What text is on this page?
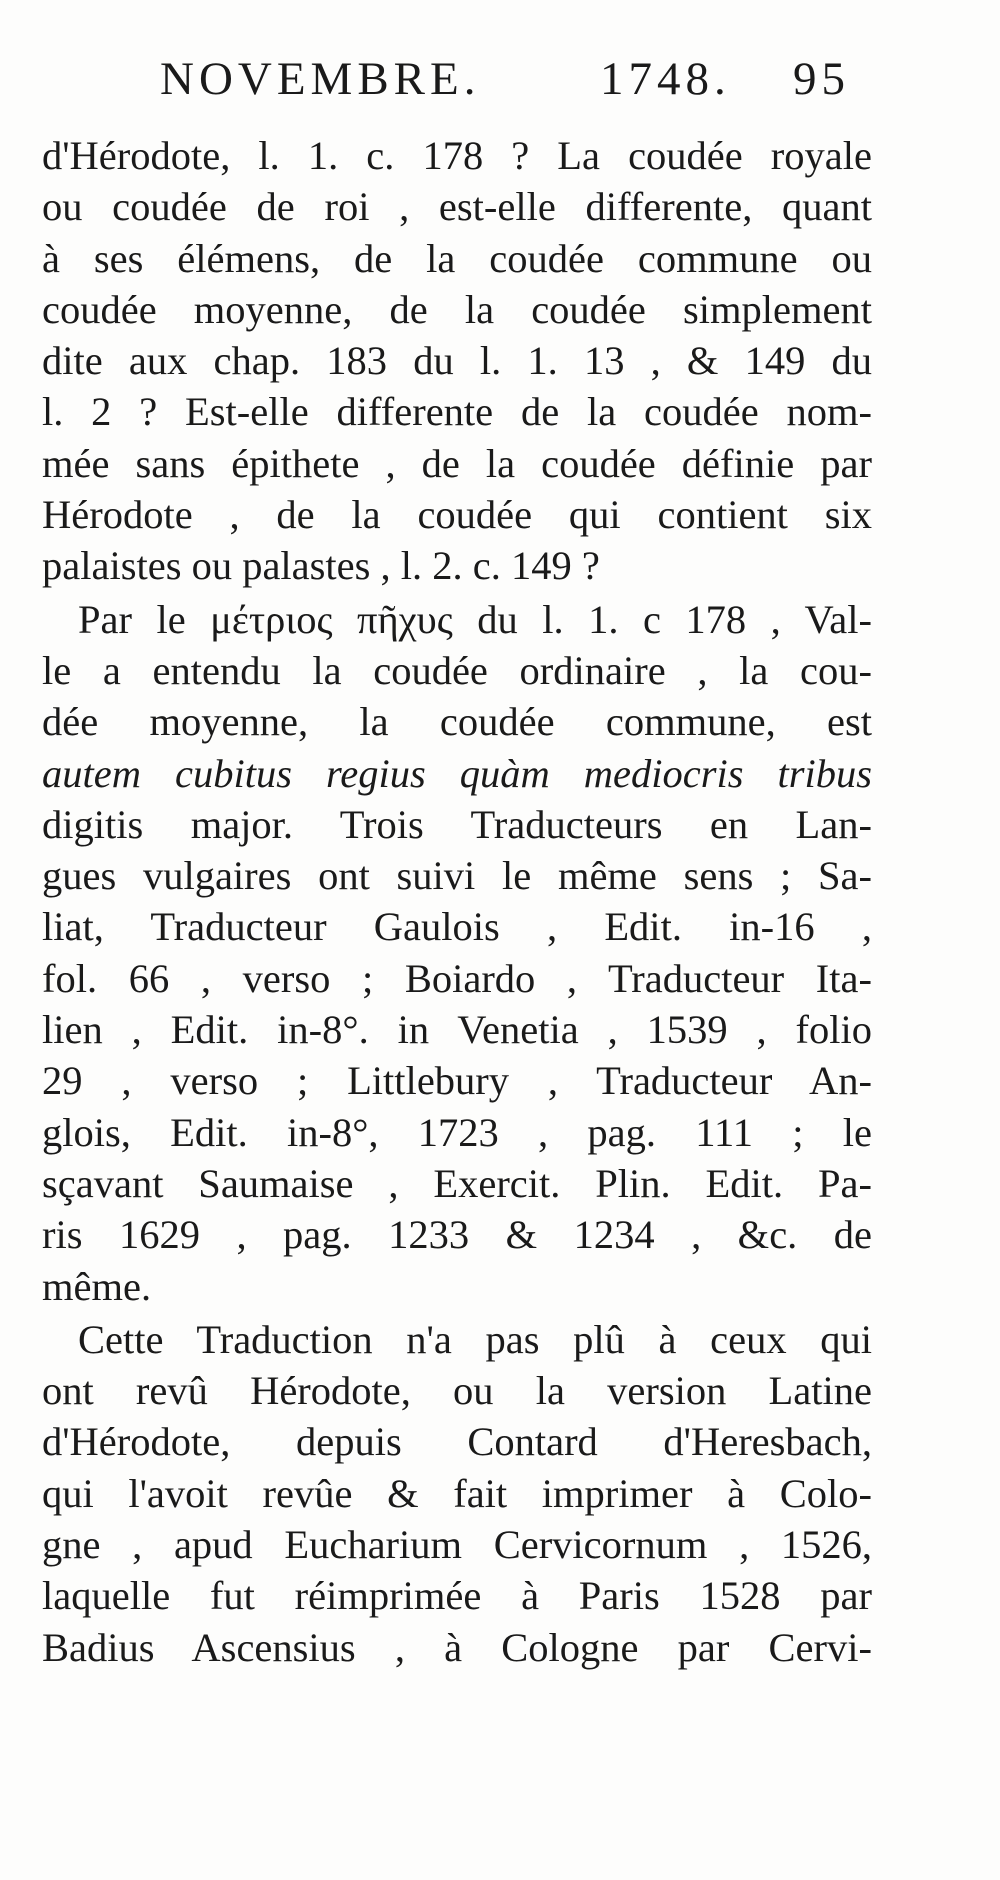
NOVEMBRE.	1748. 95
d'Hérodote, l. 1. c. 178 ? La coudée royale
ou coudée de roi , est-elle differente, quant
à ses élémens, de la coudée commune ou
coudée moyenne, de la coudée simplement
dite aux chap. 183 du l. 1. 13 , & 149 du
l. 2 ? Est-elle differente de la coudée nom-
mée sans épithete , de la coudée définie par
Hérodote , de la coudée qui contient six
palaistes ou palastes , l. 2. c. 149 ?
Par le μέτριος πῆχυς du l. 1. c 178 , Val-
le a entendu la coudée ordinaire , la cou-
dée moyenne, la coudée commune, est
autem cubitus regius quàm mediocris tribus
digitis major. Trois Traducteurs en Lan-
gues vulgaires ont suivi le même sens ; Sa-
liat, Traducteur Gaulois , Edit. in-16 ,
fol. 66 , verso ; Boiardo , Traducteur Ita-
lien , Edit. in-8°. in Venetia , 1539 , folio
29 , verso ; Littlebury , Traducteur An-
glois, Edit. in-8°, 1723 , pag. 111 ; le
sçavant Saumaise , Exercit. Plin. Edit. Pa-
ris 1629 , pag. 1233 & 1234 , &c. de
même.
Cette Traduction n'a pas plû à ceux qui
ont revû Hérodote, ou la version Latine
d'Hérodote, depuis Contard d'Heresbach,
qui l'avoit revûe & fait imprimer à Colo-
gne , apud Eucharium Cervicornum , 1526,
laquelle fut réimprimée à Paris 1528 par
Badius Ascensius , à Cologne par Cervi-
